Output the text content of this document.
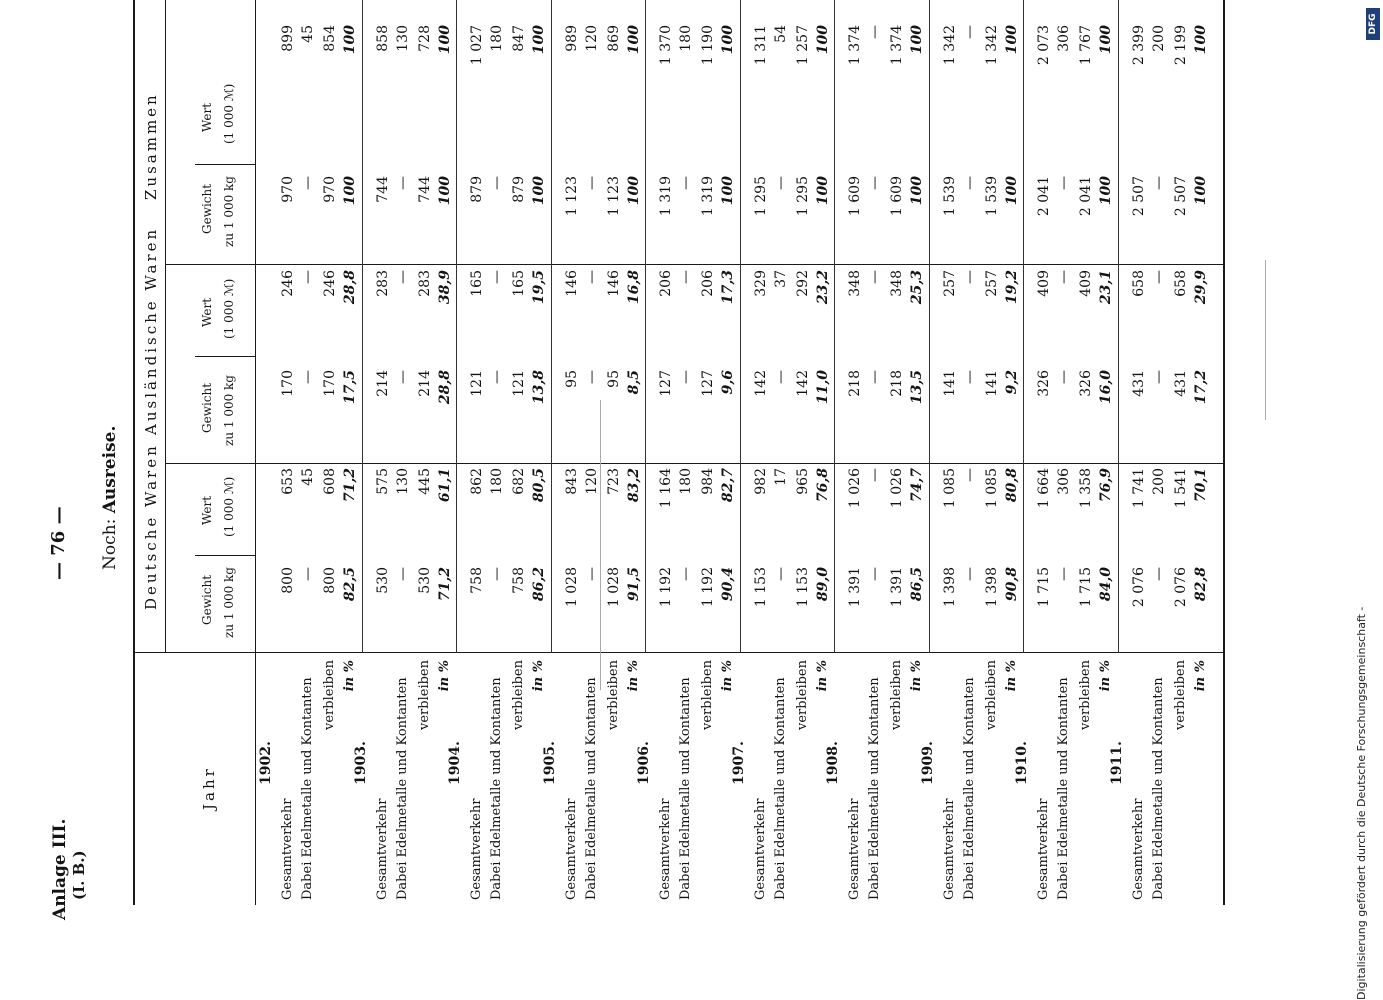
Anlage III. (I. B.)
— 76 — Noch: Ausreise.
Jahr
Deutsche Waren
Ausländische Waren
Zusammen
Gewicht zu 1 000 kg
Wert (1 000 ℳ)
Gewicht zu 1 000 kg
Wert (1 000 ℳ)
Gewicht zu 1 000 kg
Wert (1 000 ℳ)
1902.
Gesamtverkehr Dabei Edelmetalle und Kontanten verbleiben in %
800
653
170
246
970
899
—
45
—
—
—
45
800
608
170
246
970
854
82,5
71,2
17,5
28,8
100
100
1903.
Gesamtverkehr Dabei Edelmetalle und Kontanten verbleiben in %
530
575
214
283
744
858
—
130
—
—
—
130
530
445
214
283
744
728
71,2
61,1
28,8
38,9
100
100
1904.
Gesamtverkehr Dabei Edelmetalle und Kontanten verbleiben in %
758
862
121
165
879
1 027
—
180
—
—
—
180
758
682
121
165
879
847
86,2
80,5
13,8
19,5
100
100
1905.
Gesamtverkehr Dabei Edelmetalle und Kontanten verbleiben in %
1 028
843
95
146
1 123
989
—
120
—
—
—
120
1 028
723
95
146
1 123
869
91,5
83,2
8,5
16,8
100
100
1906.
Gesamtverkehr Dabei Edelmetalle und Kontanten verbleiben in %
1 192
1 164
127
206
1 319
1 370
—
180
—
—
—
180
1 192
984
127
206
1 319
1 190
90,4
82,7
9,6
17,3
100
100
1907.
Gesamtverkehr Dabei Edelmetalle und Kontanten verbleiben in %
1 153
982
142
329
1 295
1 311
—
17
—
37
—
54
1 153
965
142
292
1 295
1 257
89,0
76,8
11,0
23,2
100
100
1908.
Gesamtverkehr Dabei Edelmetalle und Kontanten verbleiben in %
1 391
1 026
218
348
1 609
1 374
—
—
—
—
—
—
1 391
1 026
218
348
1 609
1 374
86,5
74,7
13,5
25,3
100
100
1909.
Gesamtverkehr Dabei Edelmetalle und Kontanten verbleiben in %
1 398
1 085
141
257
1 539
1 342
—
—
—
—
—
—
1 398
1 085
141
257
1 539
1 342
90,8
80,8
9,2
19,2
100
100
1910.
Gesamtverkehr Dabei Edelmetalle und Kontanten verbleiben in %
1 715
1 664
326
409
2 041
2 073
—
306
—
—
—
306
1 715
1 358
326
409
2 041
1 767
84,0
76,9
16,0
23,1
100
100
1911.
Gesamtverkehr Dabei Edelmetalle und Kontanten verbleiben in %
2 076
1 741
431
658
2 507
2 399
—
200
—
—
—
200
2 076
1 541
431
658
2 507
2 199
82,8
70,1
17,2
29,9
100
100
Digitalisierung gefördert durch die Deutsche Forschungsgemeinschaft -
DFG
